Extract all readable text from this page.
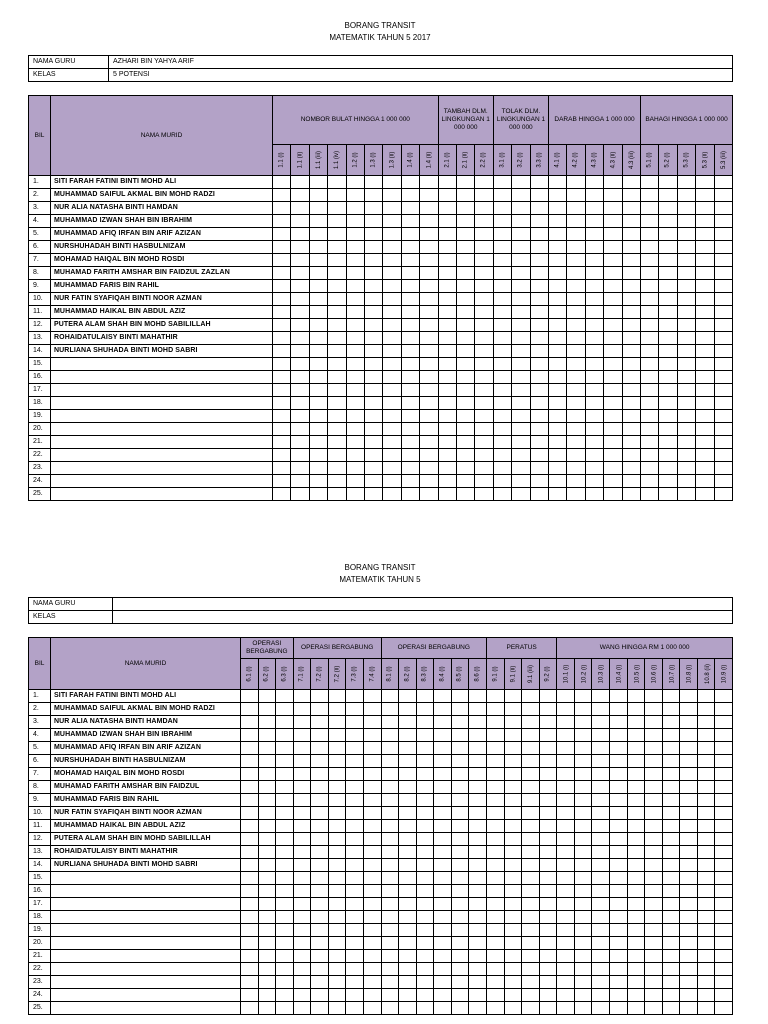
BORANG TRANSIT
MATEMATIK TAHUN 5 2017
NAMA GURU	AZHARI BIN YAHYA ARIF
KELAS	5 POTENSI
BIL	NAMA MURID	NOMBOR BULAT HINGGA 1 000 000									TAMBAH DLM. LINGKUNGAN 1 000 000			TOLAK DLM. LINGKUNGAN 1 000 000			DARAB HINGGA 1 000 000					BAHAGI HINGGA 1 000 000				
		1.1 (i)	1.1 (ii)	1.1 (iii)	1.1 (iv)	1.2 (i)	1.3 (i)	1.3 (ii)	1.4 (i)	1.4 (ii)	2.1 (i)	2.1 (ii)	2.2 (i)	3.1 (i)	3.2 (i)	3.3 (i)	4.1 (i)	4.2 (i)	4.3 (i)	4.3 (ii)	4.3 (iii)	5.1 (i)	5.2 (i)	5.3 (i)	5.3 (ii)	5.3 (iii)
1.	SITI FARAH FATINI BINTI MOHD ALI																									
2.	MUHAMMAD SAIFUL AKMAL BIN MOHD RADZI																									
3.	NUR ALIA NATASHA BINTI HAMDAN																									
4.	MUHAMMAD IZWAN SHAH BIN IBRAHIM																									
5.	MUHAMMAD AFIQ IRFAN BIN ARIF AZIZAN																									
6.	NURSHUHADAH BINTI HASBULNIZAM																									
7.	MOHAMAD HAIQAL BIN MOHD ROSDI																									
8.	MUHAMAD FARITH AMSHAR BIN FAIDZUL ZAZLAN																									
9.	MUHAMMAD FARIS BIN RAHIL																									
10.	NUR FATIN SYAFIQAH BINTI NOOR AZMAN																									
11.	MUHAMMAD HAIKAL BIN ABDUL AZIZ																									
12.	PUTERA ALAM SHAH BIN MOHD SABILILLAH																									
13.	ROHAIDATULAISY BINTI MAHATHIR																									
14.	NURLIANA SHUHADA BINTI MOHD SABRI																									
15.																										
16.																										
17.																										
18.																										
19.																										
20.																										
21.																										
22.																										
23.																										
24.																										
25.																										
BORANG TRANSIT
MATEMATIK TAHUN 5
NAMA GURU	
KELAS	
BIL	NAMA MURID	OPERASI BERGABUNG			OPERASI BERGABUNG					OPERASI BERGABUNG						PERATUS				WANG HINGGA RM 1 000 000									
		6.1 (i)	6.2 (i)	6.3 (i)	7.1 (i)	7.2 (i)	7.2 (ii)	7.3 (i)	7.4 (i)	8.1 (i)	8.2 (i)	8.3 (i)	8.4 (i)	8.5 (i)	8.6 (i)	9.1 (i)	9.1 (ii)	9.1 (iii)	9.2 (i)	10.1 (i)	10.2 (i)	10.3 (i)	10.4 (i)	10.5 (i)	10.6 (i)	10.7 (i)	10.8 (i)	10.8 (ii)	10.9 (i)
1.	SITI FARAH FATINI BINTI MOHD ALI																												
2.	MUHAMMAD SAIFUL AKMAL BIN MOHD RADZI																												
3.	NUR ALIA NATASHA BINTI HAMDAN																												
4.	MUHAMMAD IZWAN SHAH BIN IBRAHIM																												
5.	MUHAMMAD AFIQ IRFAN BIN ARIF AZIZAN																												
6.	NURSHUHADAH BINTI HASBULNIZAM																												
7.	MOHAMAD HAIQAL BIN MOHD ROSDI																												
8.	MUHAMAD FARITH AMSHAR BIN FAIDZUL																												
9.	MUHAMMAD FARIS BIN RAHIL																												
10.	NUR FATIN SYAFIQAH BINTI NOOR AZMAN																												
11.	MUHAMMAD HAIKAL BIN ABDUL AZIZ																												
12.	PUTERA ALAM SHAH BIN MOHD SABILILLAH																												
13.	ROHAIDATULAISY BINTI MAHATHIR																												
14.	NURLIANA SHUHADA BINTI MOHD SABRI																												
15.																													
16.																													
17.																													
18.																													
19.																													
20.																													
21.																													
22.																													
23.																													
24.																													
25.																													
